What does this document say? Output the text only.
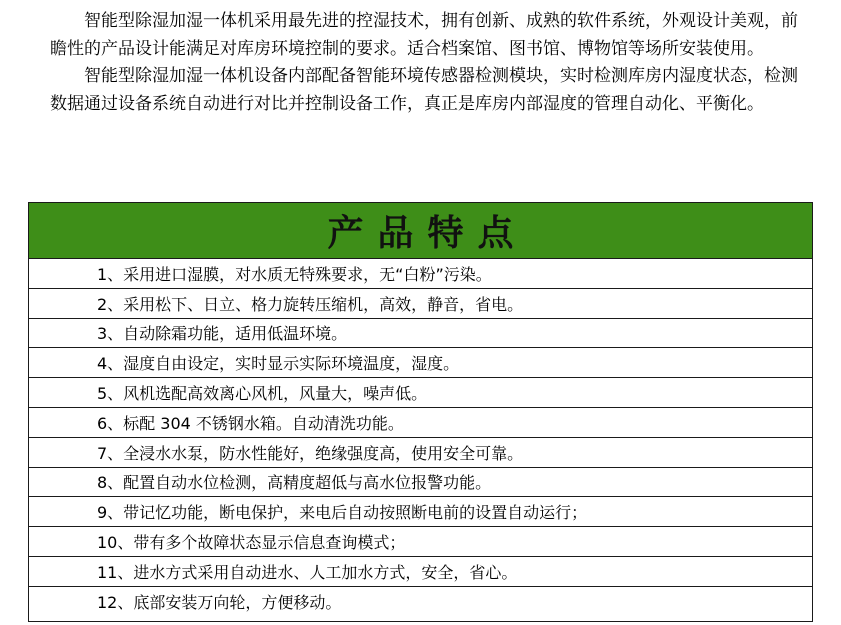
智能型除湿加湿一体机采用最先进的控湿技术，拥有创新、成熟的软件系统，外观设计美观，前瞻性的产品设计能满足对库房环境控制的要求。适合档案馆、图书馆、博物馆等场所安装使用。

智能型除湿加湿一体机设备内部配备智能环境传感器检测模块，实时检测库房内湿度状态，检测数据通过设备系统自动进行对比并控制设备工作，真正是库房内部湿度的管理自动化、平衡化。

产品特点
1、采用进口湿膜，对水质无特殊要求，无“白粉”污染。
2、采用松下、日立、格力旋转压缩机，高效，静音，省电。
3、自动除霜功能，适用低温环境。
4、湿度自由设定，实时显示实际环境温度，湿度。
5、风机选配高效离心风机，风量大，噪声低。
6、标配 304 不锈钢水箱。自动清洗功能。
7、全浸水水泵，防水性能好，绝缘强度高，使用安全可靠。
8、配置自动水位检测，高精度超低与高水位报警功能。
9、带记忆功能，断电保护，来电后自动按照断电前的设置自动运行；
10、带有多个故障状态显示信息查询模式；
11、进水方式采用自动进水、人工加水方式，安全，省心。
12、底部安装万向轮，方便移动。
